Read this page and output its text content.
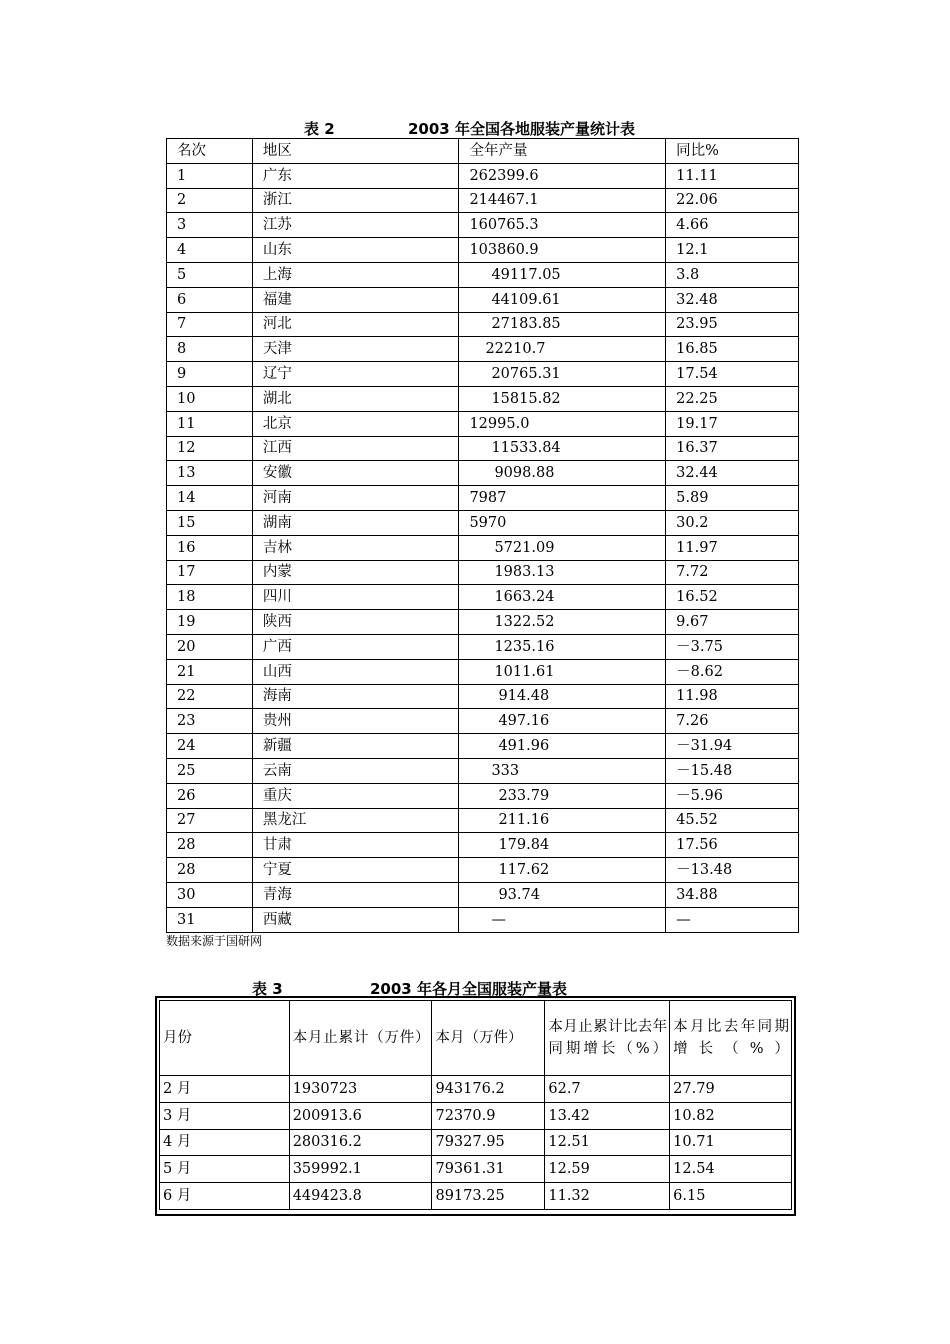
表 2	2003 年全国各地服装产量统计表
名次	地区	全年产量	同比%
1	广东	262399.6	11.11
2	浙江	214467.1	22.06
3	江苏	160765.3	4.66
4	山东	103860.9	12.1
5	上海	49117.05	3.8
6	福建	44109.61	32.48
7	河北	27183.85	23.95
8	天津	22210.7	16.85
9	辽宁	20765.31	17.54
10	湖北	15815.82	22.25
11	北京	12995.0	19.17
12	江西	11533.84	16.37
13	安徽	9098.88	32.44
14	河南	7987	5.89
15	湖南	5970	30.2
16	吉林	5721.09	11.97
17	内蒙	1983.13	7.72
18	四川	1663.24	16.52
19	陕西	1322.52	9.67
20	广西	1235.16	－3.75
21	山西	1011.61	－8.62
22	海南	914.48	11.98
23	贵州	497.16	7.26
24	新疆	491.96	－31.94
25	云南	333	－15.48
26	重庆	233.79	－5.96
27	黑龙江	211.16	45.52
28	甘肃	179.84	17.56
28	宁夏	117.62	－13.48
30	青海	93.74	34.88
31	西藏	—	—
数据来源于国研网
表 3	2003 年各月全国服装产量表
月份	本月止累计（万件）	本月（万件）	本月止累计比去年同期增长（%）	本月比去年同期增长（%）
2 月	1930723	943176.2	62.7	27.79
3 月	200913.6	72370.9	13.42	10.82
4 月	280316.2	79327.95	12.51	10.71
5 月	359992.1	79361.31	12.59	12.54
6 月	449423.8	89173.25	11.32	6.15
